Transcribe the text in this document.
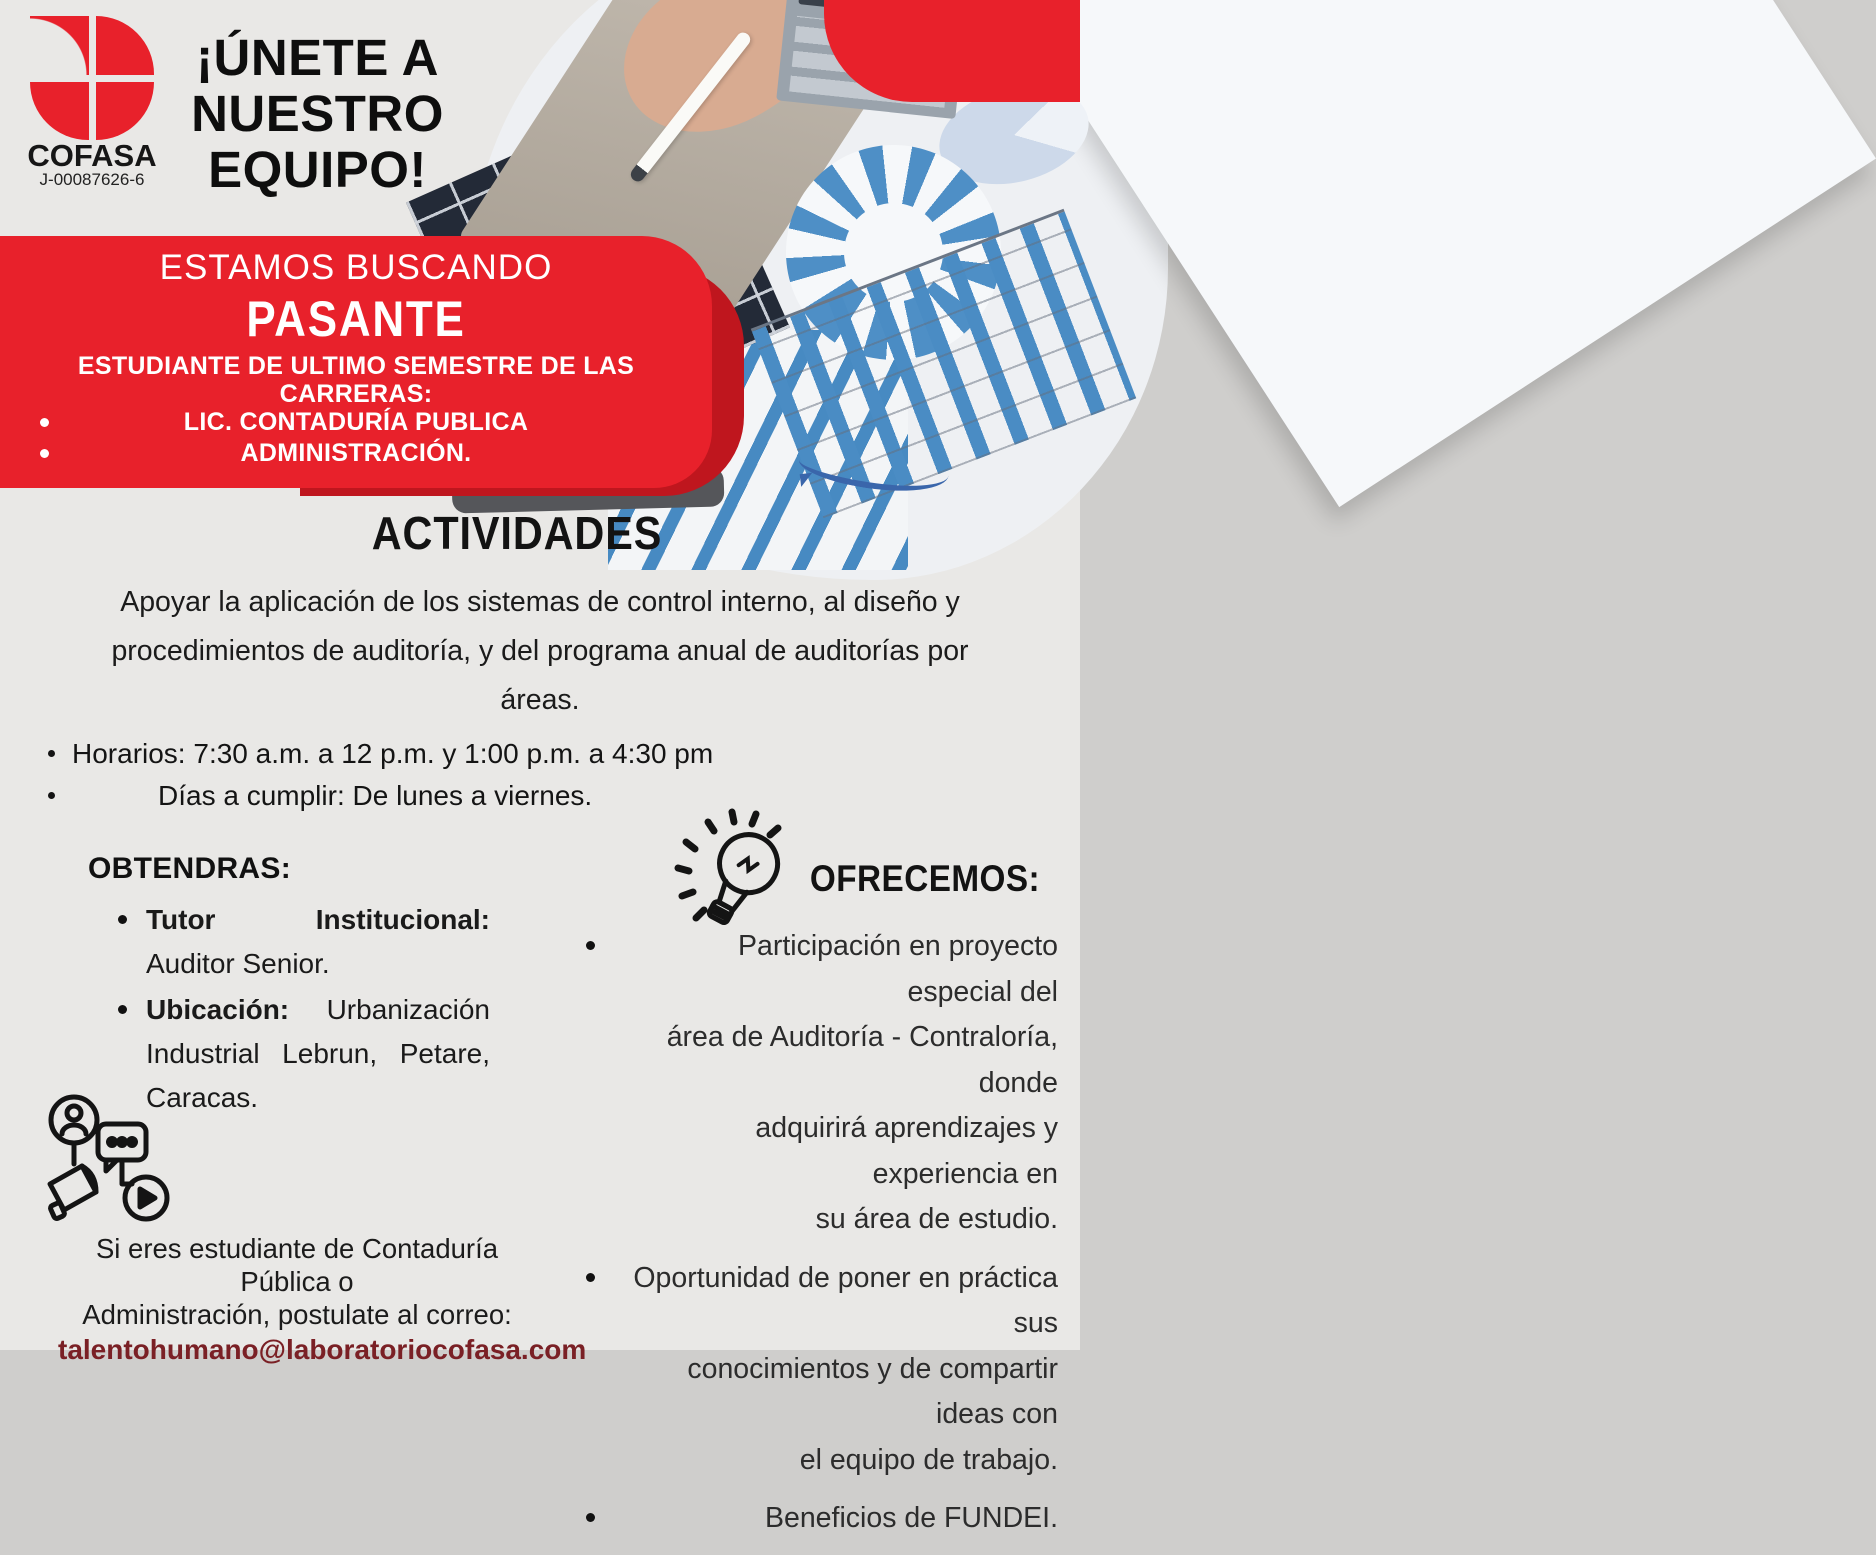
COFASA
J-00087626-6
¡ÚNETE A
NUESTRO
EQUIPO!
ESTAMOS BUSCANDO
PASANTE
ESTUDIANTE DE ULTIMO SEMESTRE DE LAS
CARRERAS:
LIC. CONTADURÍA PUBLICA
ADMINISTRACIÓN.
ACTIVIDADES
Apoyar la aplicación de los sistemas de control interno, al diseño y
procedimientos de auditoría, y del programa anual de auditorías por
áreas.
Horarios: 7:30 a.m. a 12 p.m. y 1:00 p.m. a 4:30 pm
Días a cumplir: De lunes a viernes.
OBTENDRAS:
Tutor Institucional: Auditor Senior.
Ubicación: Urbanización Industrial Lebrun, Petare, Caracas.
OFRECEMOS:
Participación en proyecto especial del
área de Auditoría - Contraloría, donde
adquirirá aprendizajes y experiencia en
su área de estudio.
Oportunidad de poner en práctica sus
conocimientos y de compartir ideas con
el equipo de trabajo.
Beneficios de FUNDEI.
Si eres estudiante de Contaduría Pública o
Administración, postulate al correo:
talentohumano@laboratoriocofasa.com
